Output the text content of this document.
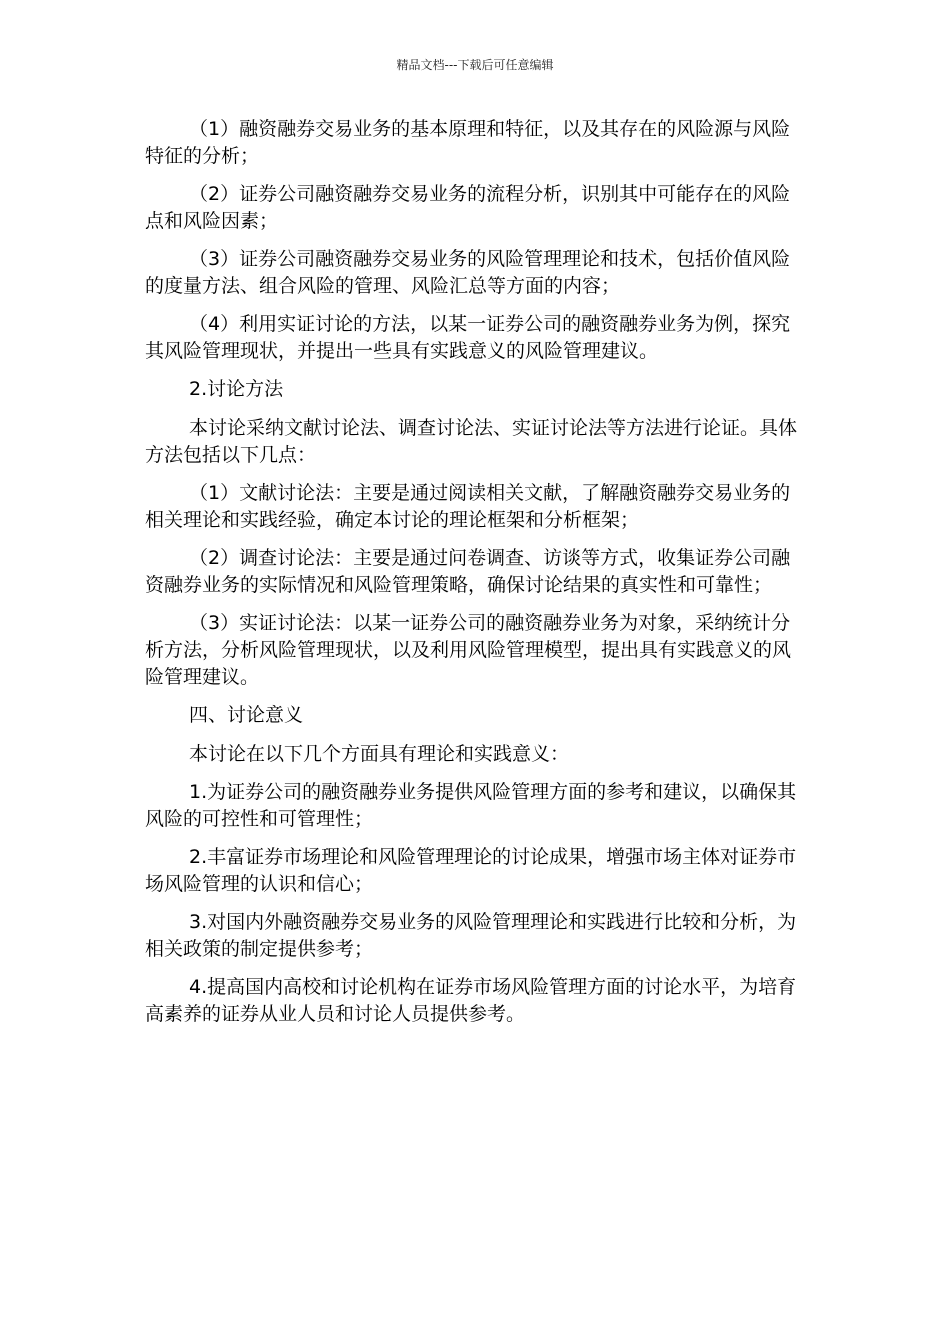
精品文档---下载后可任意编辑

（1）融资融券交易业务的基本原理和特征，以及其存在的风险源与风险特征的分析；

（2）证券公司融资融券交易业务的流程分析，识别其中可能存在的风险点和风险因素；

（3）证券公司融资融券交易业务的风险管理理论和技术，包括价值风险的度量方法、组合风险的管理、风险汇总等方面的内容；

（4）利用实证讨论的方法，以某一证券公司的融资融券业务为例，探究其风险管理现状，并提出一些具有实践意义的风险管理建议。

2.讨论方法

本讨论采纳文献讨论法、调查讨论法、实证讨论法等方法进行论证。具体方法包括以下几点：

（1）文献讨论法：主要是通过阅读相关文献，了解融资融券交易业务的相关理论和实践经验，确定本讨论的理论框架和分析框架；

（2）调查讨论法：主要是通过问卷调查、访谈等方式，收集证券公司融资融券业务的实际情况和风险管理策略，确保讨论结果的真实性和可靠性；

（3）实证讨论法：以某一证券公司的融资融券业务为对象，采纳统计分析方法，分析风险管理现状，以及利用风险管理模型，提出具有实践意义的风险管理建议。

四、讨论意义

本讨论在以下几个方面具有理论和实践意义：

1.为证券公司的融资融券业务提供风险管理方面的参考和建议，以确保其风险的可控性和可管理性；

2.丰富证券市场理论和风险管理理论的讨论成果，增强市场主体对证券市场风险管理的认识和信心；

3.对国内外融资融券交易业务的风险管理理论和实践进行比较和分析，为相关政策的制定提供参考；

4.提高国内高校和讨论机构在证券市场风险管理方面的讨论水平，为培育高素养的证券从业人员和讨论人员提供参考。
